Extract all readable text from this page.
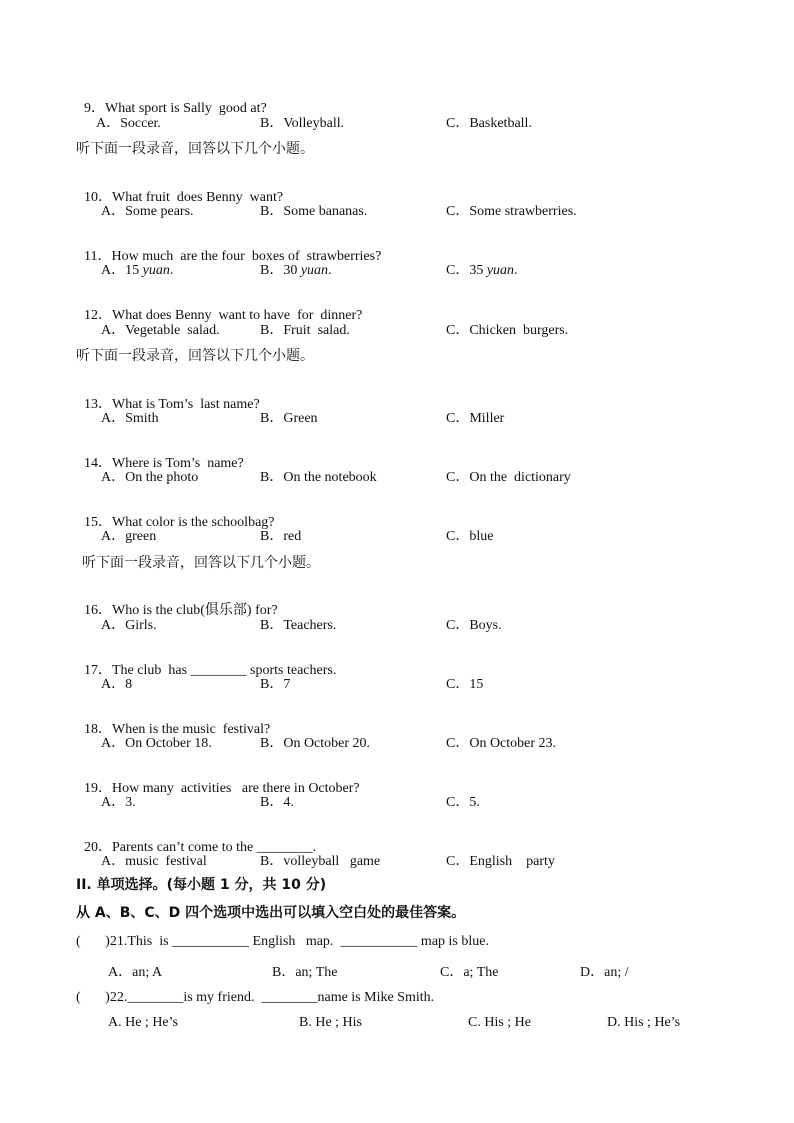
9．What sport is Sally  good at?

A．Soccer.	B．Volleyball.	C．Basketball.
听下面一段录音，回答以下几个小题。

10．What fruit  does Benny  want?

A．Some pears.	B．Some bananas.	C．Some strawberries.

11．How much  are the four  boxes of  strawberries?

A．15 yuan.	B．30 yuan.	C．35 yuan.

12．What does Benny  want to have  for  dinner?

A．Vegetable  salad.	B．Fruit  salad.	C．Chicken  burgers.
听下面一段录音，回答以下几个小题。

13．What is Tom’s  last name?

A．Smith	B．Green	C．Miller

14．Where is Tom’s  name?

A．On the photo	B．On the notebook	C．On the  dictionary

15．What color is the schoolbag?

A．green	B．red	C．blue
听下面一段录音，回答以下几个小题。

16．Who is the club(俱乐部) for?

A．Girls.	B．Teachers.	C．Boys.

17．The club  has ________ sports teachers.

A．8	B．7	C．15

18．When is the music  festival?

A．On October 18.	B．On October 20.	C．On October 23.

19．How many  activities   are there in October?

A．3.	B．4.	C．5.

20．Parents can’t come to the ________.

A．music  festival	B．volleyball   game	C．English    party
II. 单项选择。(每小题 1 分，共 10 分)
从 A、B、C、D 四个选项中选出可以填入空白处的最佳答案。
(       )21.This  is ___________ English   map.  ___________ map is blue.
A．an; A	B．an; The	C．a; The	D．an; /
(       )22.________is my friend.  ________name is Mike Smith.
A. He ; He’s	B. He ; His	C. His ; He	D. His ; He’s
